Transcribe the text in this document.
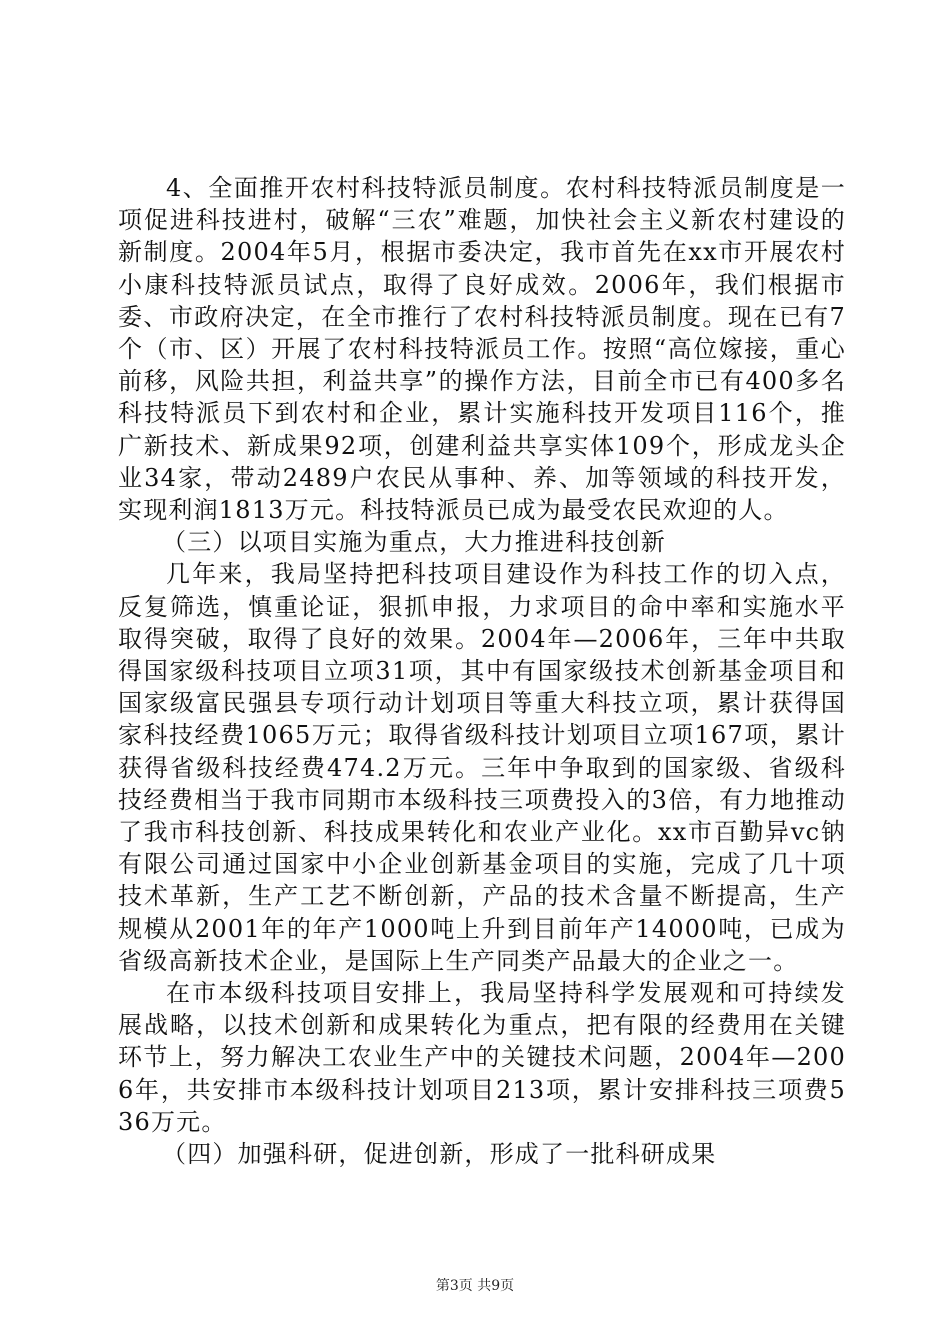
4、全面推开农村科技特派员制度。农村科技特派员制度是一项促进科技进村，破解“三农”难题，加快社会主义新农村建设的新制度。2004年5月，根据市委决定，我市首先在xx市开展农村小康科技特派员试点，取得了良好成效。2006年，我们根据市委、市政府决定，在全市推行了农村科技特派员制度。现在已有7个（市、区）开展了农村科技特派员工作。按照“高位嫁接，重心前移，风险共担，利益共享”的操作方法，目前全市已有400多名科技特派员下到农村和企业，累计实施科技开发项目116个，推广新技术、新成果92项，创建利益共享实体109个，形成龙头企业34家，带动2489户农民从事种、养、加等领域的科技开发，实现利润1813万元。科技特派员已成为最受农民欢迎的人。

（三）以项目实施为重点，大力推进科技创新

几年来，我局坚持把科技项目建设作为科技工作的切入点，反复筛选，慎重论证，狠抓申报，力求项目的命中率和实施水平取得突破，取得了良好的效果。2004年—2006年，三年中共取得国家级科技项目立项31项，其中有国家级技术创新基金项目和国家级富民强县专项行动计划项目等重大科技立项，累计获得国家科技经费1065万元；取得省级科技计划项目立项167项，累计获得省级科技经费474.2万元。三年中争取到的国家级、省级科技经费相当于我市同期市本级科技三项费投入的3倍，有力地推动了我市科技创新、科技成果转化和农业产业化。xx市百勤异vc钠有限公司通过国家中小企业创新基金项目的实施，完成了几十项技术革新，生产工艺不断创新，产品的技术含量不断提高，生产规模从2001年的年产1000吨上升到目前年产14000吨，已成为省级高新技术企业，是国际上生产同类产品最大的企业之一。

在市本级科技项目安排上，我局坚持科学发展观和可持续发展战略，以技术创新和成果转化为重点，把有限的经费用在关键环节上，努力解决工农业生产中的关键技术问题，2004年—2006年，共安排市本级科技计划项目213项，累计安排科技三项费536万元。

（四）加强科研，促进创新，形成了一批科研成果

第3页 共9页
